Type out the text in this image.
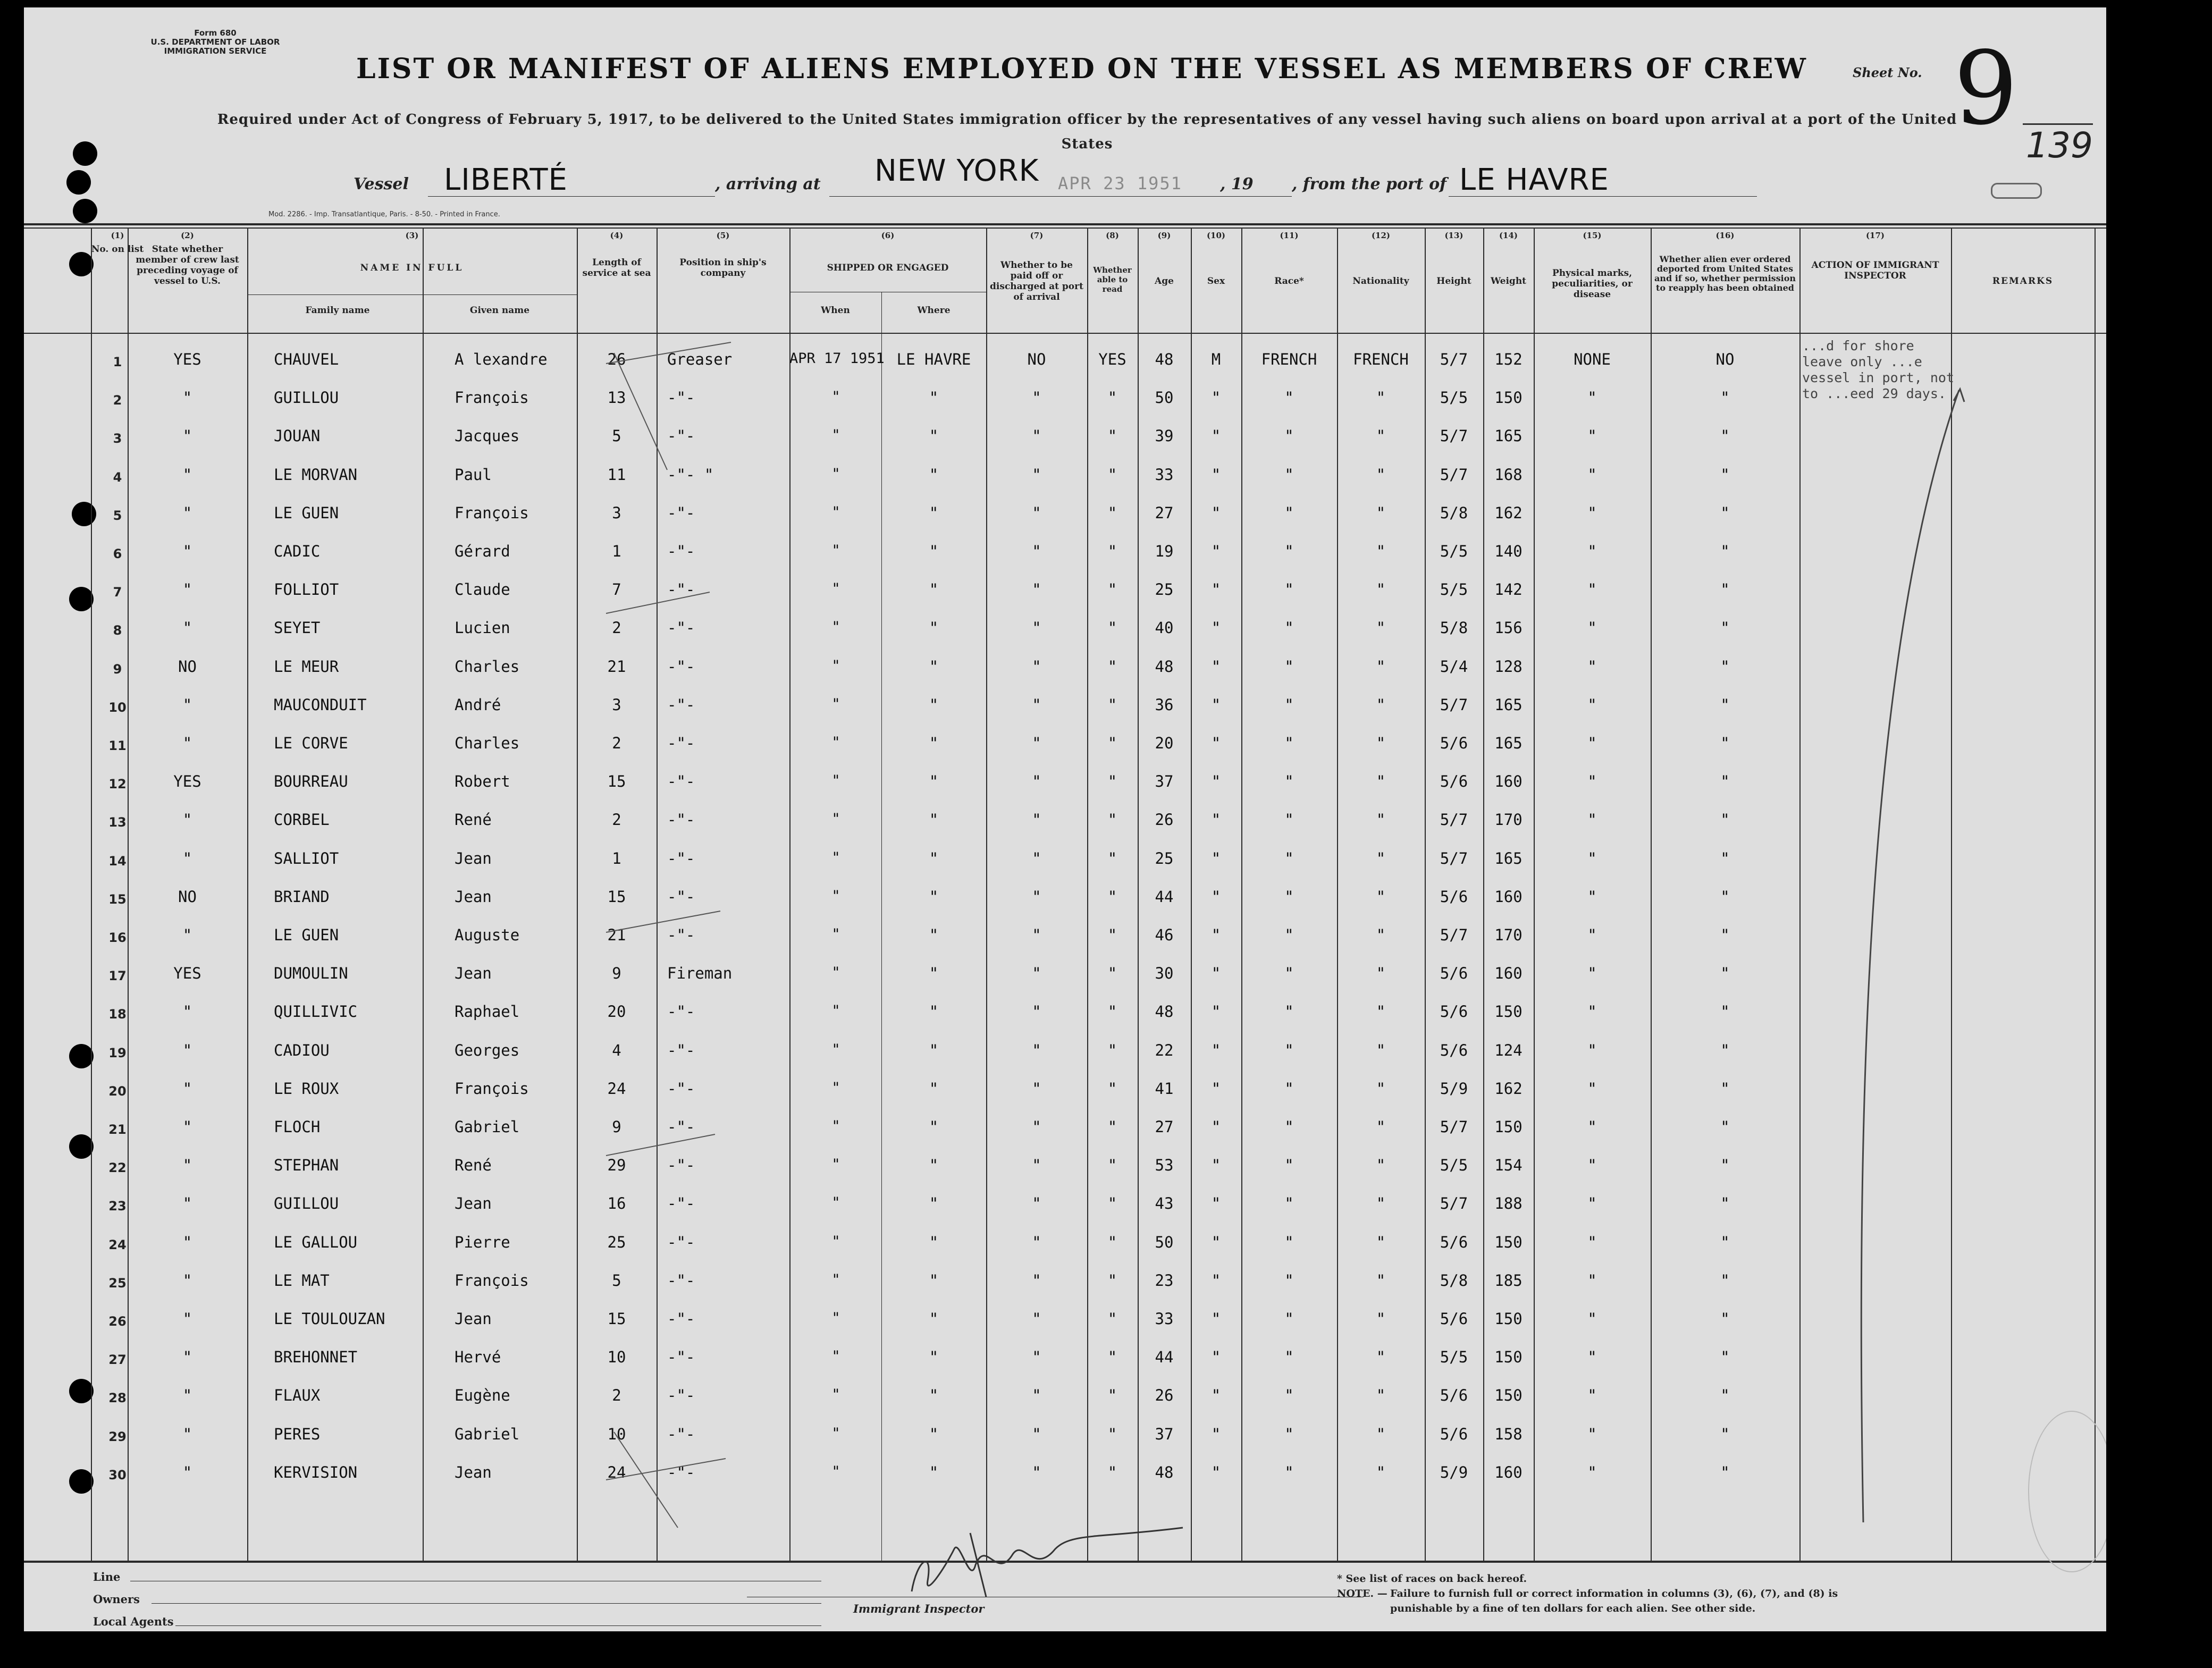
Form 680
U.S. DEPARTMENT OF LABOR
IMMIGRATION SERVICE
LIST OR MANIFEST OF ALIENS EMPLOYED ON THE VESSEL AS MEMBERS OF CREW	Sheet No. 9 139
Required under Act of Congress of February 5, 1917, to be delivered to the United States immigration officer by the representatives of any vessel having such aliens on board upon arrival at a port of the United States
Vessel LIBERTÉ	, arriving at NEW YORK APR 23 1951 , 19 , from the port of LE HAVRE
Mod. 2286. - Imp. Transatlantique, Paris. - 8-50. - Printed in France.
(1)	(2)	(3)	(4)	(5)	(6)	(7)	(8)	(9)	(10)	(11)	(12)	(13)	(14)	(15)	(16)	(17)
No. on list State whether member of crew last preceding voyage of vessel to U.S.
NAME IN FULL
Family name	Given name
Length of service at sea
Position in ship's company	SHIPPED OR ENGAGED
When	Where
Whether to be paid off or discharged at port of arrival
Whether able to read
Age	Sex	Race*	Nationality	Height	Weight
Physical marks, peculiarities, or disease
Whether alien ever ordered deported from United States and if so, whether permission to reapply has been obtained
ACTION OF IMMIGRANT INSPECTOR	REMARKS
1	YES	CHAUVEL	A lexandre	26	Greaser	APR 17 1951 LE HAVRE	NO	YES	48	M	FRENCH	FRENCH	5/7	152	NONE	NO
2	"	GUILLOU	François	13	-"-	"	"	"	"	50	"	"	"	5/5	150	"	"
3	"	JOUAN	Jacques	5	-"-	"	"	"	"	39	"	"	"	5/7	165	"	"
4	"	LE MORVAN	Paul	11	-"- "	"	"	"	"	33	"	"	"	5/7	168	"	"
5	"	LE GUEN	François	3	-"-	"	"	"	"	27	"	"	"	5/8	162	"	"
6	"	CADIC	Gérard	1	-"-	"	"	"	"	19	"	"	"	5/5	140	"	"
7	"	FOLLIOT	Claude	7	-"-	"	"	"	"	25	"	"	"	5/5	142	"	"
8	"	SEYET	Lucien	2	-"-	"	"	"	"	40	"	"	"	5/8	156	"	"
9	NO	LE MEUR	Charles	21	-"-	"	"	"	"	48	"	"	"	5/4	128	"	"
10	"	MAUCONDUIT	André	3	-"-	"	"	"	"	36	"	"	"	5/7	165	"	"
11	"	LE CORVE	Charles	2	-"-	"	"	"	"	20	"	"	"	5/6	165	"	"
12	YES	BOURREAU	Robert	15	-"-	"	"	"	"	37	"	"	"	5/6	160	"	"
13	"	CORBEL	René	2	-"-	"	"	"	"	26	"	"	"	5/7	170	"	"
14	"	SALLIOT	Jean	1	-"-	"	"	"	"	25	"	"	"	5/7	165	"	"
15	NO	BRIAND	Jean	15	-"-	"	"	"	"	44	"	"	"	5/6	160	"	"
16	"	LE GUEN	Auguste	21	-"-	"	"	"	"	46	"	"	"	5/7	170	"	"
17	YES	DUMOULIN	Jean	9	Fireman	"	"	"	"	30	"	"	"	5/6	160	"	"
18	"	QUILLIVIC	Raphael	20	-"-	"	"	"	"	48	"	"	"	5/6	150	"	"
19	"	CADIOU	Georges	4	-"-	"	"	"	"	22	"	"	"	5/6	124	"	"
20	"	LE ROUX	François	24	-"-	"	"	"	"	41	"	"	"	5/9	162	"	"
21	"	FLOCH	Gabriel	9	-"-	"	"	"	"	27	"	"	"	5/7	150	"	"
22	"	STEPHAN	René	29	-"-	"	"	"	"	53	"	"	"	5/5	154	"	"
23	"	GUILLOU	Jean	16	-"-	"	"	"	"	43	"	"	"	5/7	188	"	"
24	"	LE GALLOU	Pierre	25	-"-	"	"	"	"	50	"	"	"	5/6	150	"	"
25	"	LE MAT	François	5	-"-	"	"	"	"	23	"	"	"	5/8	185	"	"
26	"	LE TOULOUZAN	Jean	15	-"-	"	"	"	"	33	"	"	"	5/6	150	"	"
27	"	BREHONNET	Hervé	10	-"-	"	"	"	"	44	"	"	"	5/5	150	"	"
28	"	FLAUX	Eugène	2	-"-	"	"	"	"	26	"	"	"	5/6	150	"	"
29	"	PERES	Gabriel	10	-"-	"	"	"	"	37	"	"	"	5/6	158	"	"
30	"	KERVISION	Jean	24	-"-	"	"	"	"	48	"	"	"	5/9	160	"	"
...d for shore leave only ...e vessel in port, not to ...eed 29 days.
Line
Owners
Local Agents
Immigrant Inspector
* See list of races on back hereof.
NOTE. — Failure to furnish full or correct information in columns (3), (6), (7), and (8) is punishable by a fine of ten dollars for each alien. See other side.
